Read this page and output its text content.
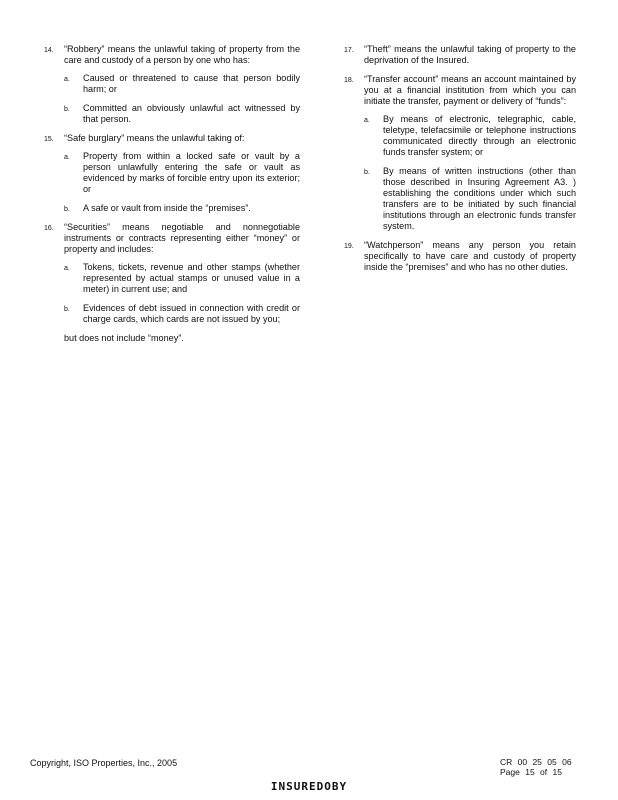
14. “Robbery” means the unlawful taking of property from the care and custody of a person by one who has:
a. Caused or threatened to cause that person bodily harm; or
b. Committed an obviously unlawful act witnessed by that person.
15. “Safe burglary” means the unlawful taking of:
a. Property from within a locked safe or vault by a person unlawfully entering the safe or vault as evidenced by marks of forcible entry upon its exterior; or
b. A safe or vault from inside the “premises”.
16. “Securities” means negotiable and nonnegotiable instruments or contracts representing either “money” or property and includes:
a. Tokens, tickets, revenue and other stamps (whether represented by actual stamps or unused value in a meter) in current use; and
b. Evidences of debt issued in connection with credit or charge cards, which cards are not issued by you;
but does not include “money”.
17. “Theft” means the unlawful taking of property to the deprivation of the Insured.
18. “Transfer account” means an account maintained by you at a financial institution from which you can initiate the transfer, payment or delivery of “funds”:
a. By means of electronic, telegraphic, cable, teletype, telefacsimile or telephone instructions communicated directly through an electronic funds transfer system; or
b. By means of written instructions (other than those described in Insuring Agreement A3. ) establishing the conditions under which such transfers are to be initiated by such financial institutions through an electronic funds transfer system.
19. “Watchperson” means any person you retain specifically to have care and custody of property inside the “premises” and who has no other duties.
Copyright, ISO Properties, Inc., 2005	CR 00 25 05 06
Page 15 of 15
INSUREDOBY
